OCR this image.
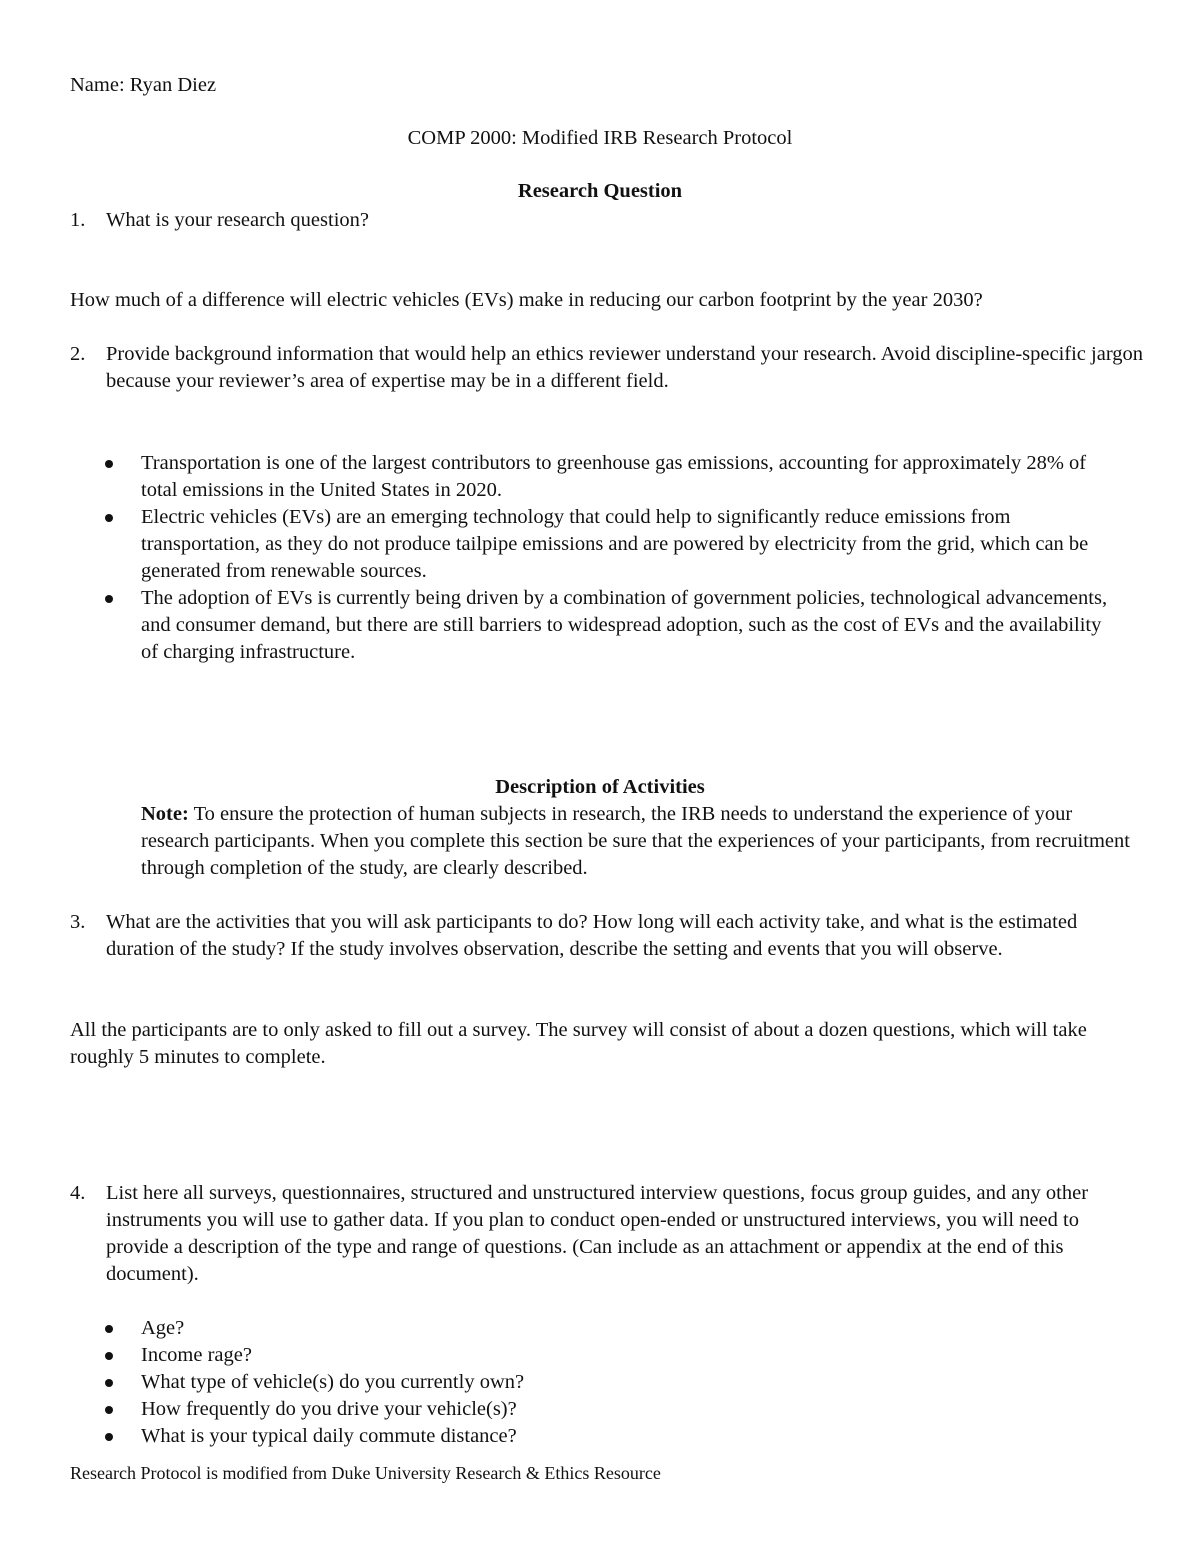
Name: Ryan Diez
COMP 2000: Modified IRB Research Protocol
Research Question
1. What is your research question?
How much of a difference will electric vehicles (EVs) make in reducing our carbon footprint by the year 2030?
2. Provide background information that would help an ethics reviewer understand your research. Avoid discipline-specific jargon because your reviewer’s area of expertise may be in a different field.
Transportation is one of the largest contributors to greenhouse gas emissions, accounting for approximately 28% of total emissions in the United States in 2020.
Electric vehicles (EVs) are an emerging technology that could help to significantly reduce emissions from transportation, as they do not produce tailpipe emissions and are powered by electricity from the grid, which can be generated from renewable sources.
The adoption of EVs is currently being driven by a combination of government policies, technological advancements, and consumer demand, but there are still barriers to widespread adoption, such as the cost of EVs and the availability of charging infrastructure.
Description of Activities
Note: To ensure the protection of human subjects in research, the IRB needs to understand the experience of your research participants. When you complete this section be sure that the experiences of your participants, from recruitment through completion of the study, are clearly described.
3. What are the activities that you will ask participants to do? How long will each activity take, and what is the estimated duration of the study? If the study involves observation, describe the setting and events that you will observe.
All the participants are to only asked to fill out a survey. The survey will consist of about a dozen questions, which will take roughly 5 minutes to complete.
4. List here all surveys, questionnaires, structured and unstructured interview questions, focus group guides, and any other instruments you will use to gather data. If you plan to conduct open-ended or unstructured interviews, you will need to provide a description of the type and range of questions. (Can include as an attachment or appendix at the end of this document).
Age?
Income rage?
What type of vehicle(s) do you currently own?
How frequently do you drive your vehicle(s)?
What is your typical daily commute distance?
Research Protocol is modified from Duke University Research & Ethics Resource
